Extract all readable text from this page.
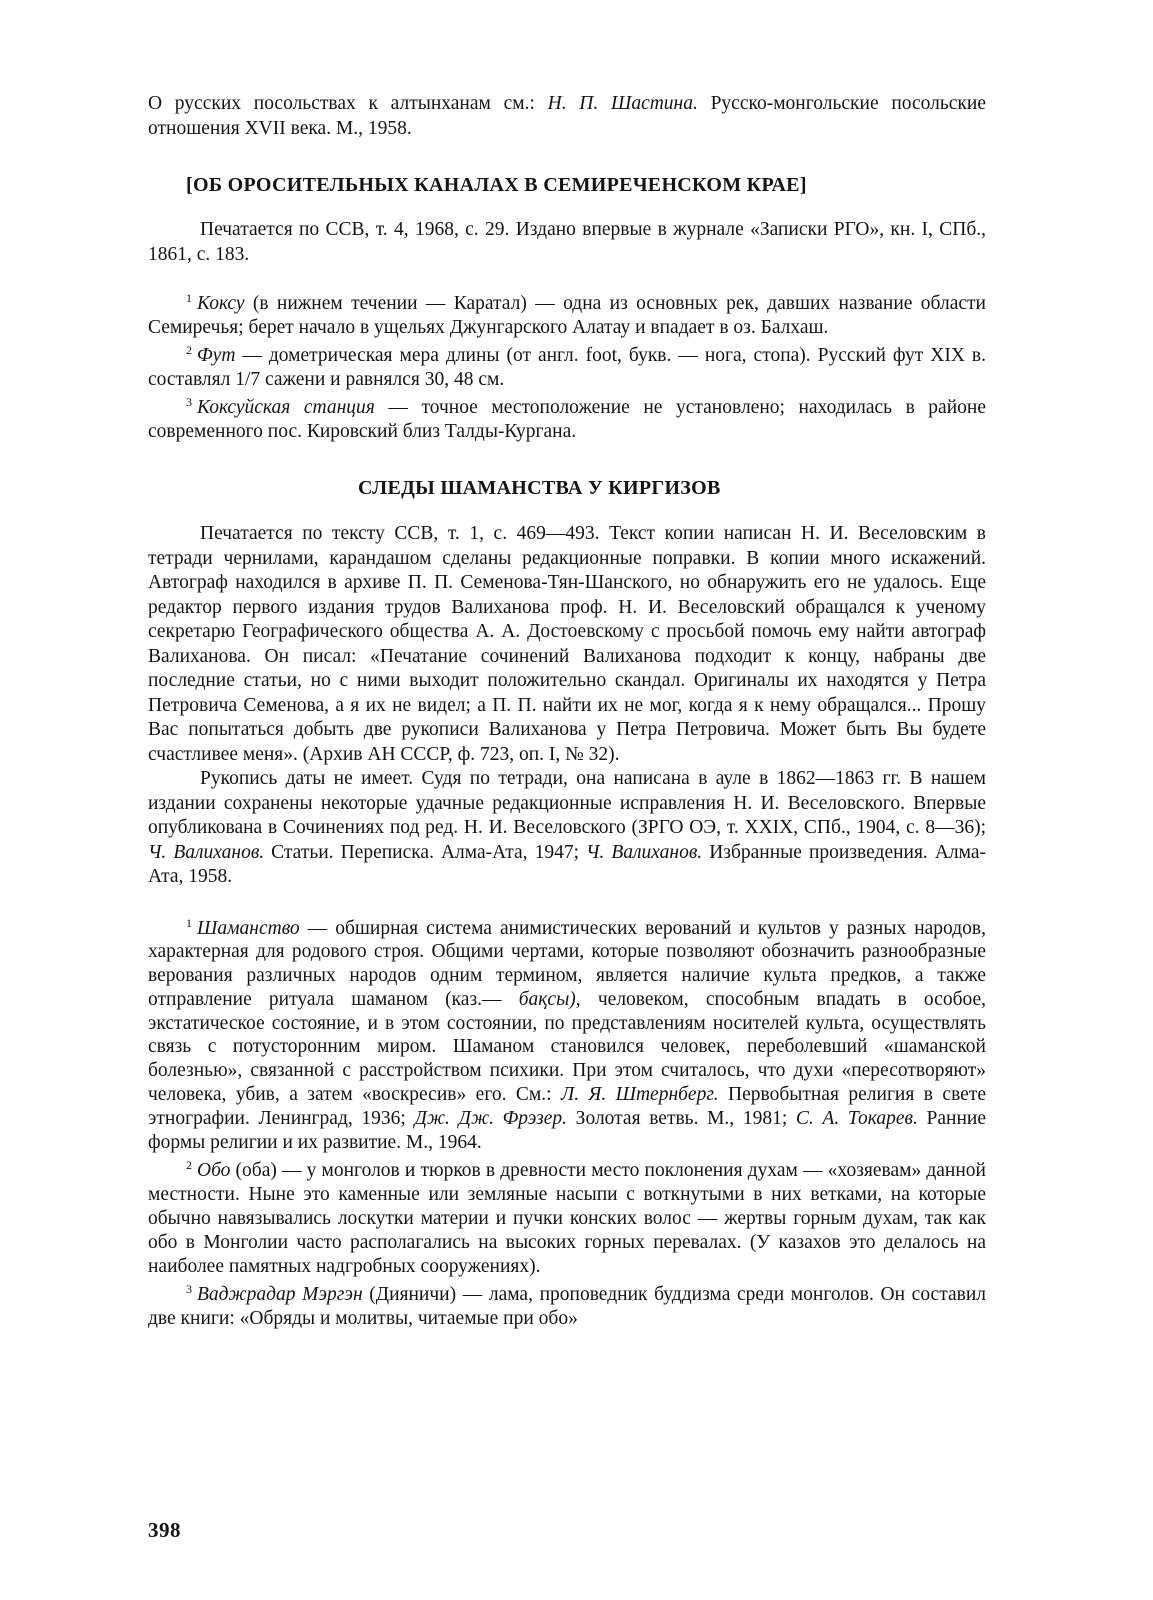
О русских посольствах к алтынханам см.: Н. П. Шастина. Русско-монгольские посольские отношения XVII века. М., 1958.

[ОБ ОРОСИТЕЛЬНЫХ КАНАЛАХ В СЕМИРЕЧЕНСКОМ КРАЕ]

Печатается по ССВ, т. 4, 1968, с. 29. Издано впервые в журнале «Записки РГО», кн. I, СПб., 1861, с. 183.

$^1$ Коксу (в нижнем течении — Каратал) — одна из основных рек, давших название области Семиречья; берет начало в ущельях Джунгарского Алатау и впадает в оз. Балхаш.

$^2$ Фут — дометрическая мера длины (от англ. foot, букв. — нога, стопа). Русский фут XIX в. составлял 1/7 сажени и равнялся 30, 48 см.

$^3$ Коксуйская станция — точное местоположение не установлено; находилась в районе современного пос. Кировский близ Талды-Кургана.

СЛЕДЫ ШАМАНСТВА У КИРГИЗОВ

Печатается по тексту ССВ, т. 1, с. 469—493. Текст копии написан Н. И. Веселовским в тетради чернилами, карандашом сделаны редакционные поправки. В копии много искажений. Автограф находился в архиве П. П. Семенова-Тян-Шанского, но обнаружить его не удалось. Еще редактор первого издания трудов Валиханова проф. Н. И. Веселовский обращался к ученому секретарю Географического общества А. А. Достоевскому с просьбой помочь ему найти автограф Валиханова. Он писал: «Печатание сочинений Валиханова подходит к концу, набраны две последние статьи, но с ними выходит положительно скандал. Оригиналы их находятся у Петра Петровича Семенова, а я их не видел; а П. П. найти их не мог, когда я к нему обращался... Прошу Вас попытаться добыть две рукописи Валиханова у Петра Петровича. Может быть Вы будете счастливее меня». (Архив АН СССР, ф. 723, оп. I, № 32).

Рукопись даты не имеет. Судя по тетради, она написана в ауле в 1862—1863 гг. В нашем издании сохранены некоторые удачные редакционные исправления Н. И. Веселовского. Впервые опубликована в Сочинениях под ред. Н. И. Веселовского (ЗРГО ОЭ, т. XXIX, СПб., 1904, с. 8—36); Ч. Валиханов. Статьи. Переписка. Алма-Ата, 1947; Ч. Валиханов. Избранные произведения. Алма-Ата, 1958.

$^1$ Шаманство — обширная система анимистических верований и культов у разных народов, характерная для родового строя. Общими чертами, которые позволяют обозначить разнообразные верования различных народов одним термином, является наличие культа предков, а также отправление ритуала шаманом (каз.— бақсы), человеком, способным впадать в особое, экстатическое состояние, и в этом состоянии, по представлениям носителей культа, осуществлять связь с потусторонним миром. Шаманом становился человек, переболевший «шаманской болезнью», связанной с расстройством психики. При этом считалось, что духи «пересотворяют» человека, убив, а затем «воскресив» его. См.: Л. Я. Штернберг. Первобытная религия в свете этнографии. Ленинград, 1936; Дж. Дж. Фрэзер. Золотая ветвь. М., 1981; С. А. Токарев. Ранние формы религии и их развитие. М., 1964.

$^2$ Обо (оба) — у монголов и тюрков в древности место поклонения духам — «хозяевам» данной местности. Ныне это каменные или земляные насыпи с воткнутыми в них ветками, на которые обычно навязывались лоскутки материи и пучки конских волос — жертвы горным духам, так как обо в Монголии часто располагались на высоких горных перевалах. (У казахов это делалось на наиболее памятных надгробных сооружениях).

$^3$ Ваджрадар Мэргэн (Дияничи) — лама, проповедник буддизма среди монголов. Он составил две книги: «Обряды и молитвы, читаемые при обо»

398
